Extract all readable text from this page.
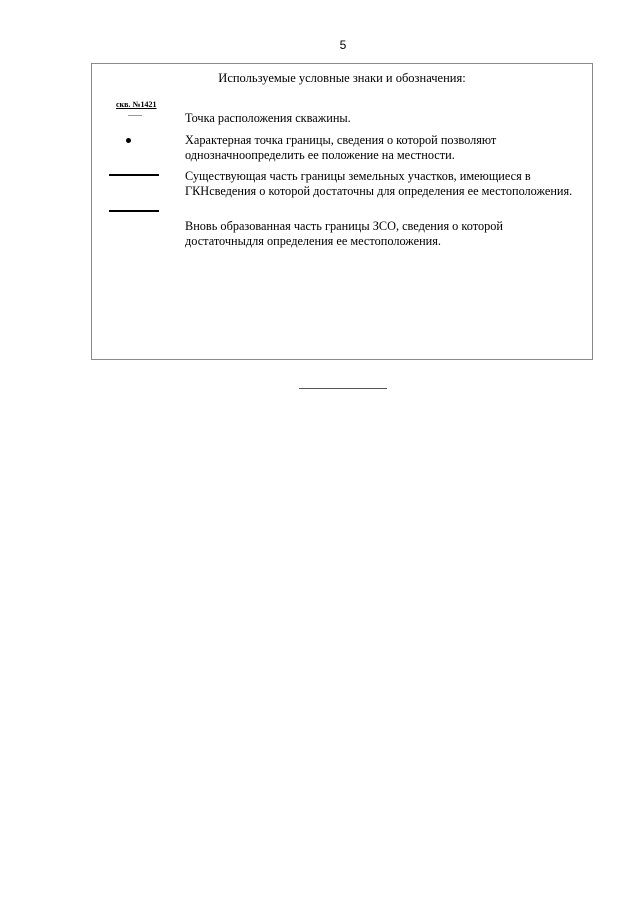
5
Используемые условные знаки и обозначения:
скв. №1421
Точка расположения скважины.
Характерная точка границы, сведения о которой позволяют однозначноопределить ее положение на местности.
Существующая часть границы земельных участков, имеющиеся в ГКНсведения о которой достаточны для определения ее местоположения.
Вновь образованная часть границы ЗСО, сведения о которой достаточныдля определения ее местоположения.
